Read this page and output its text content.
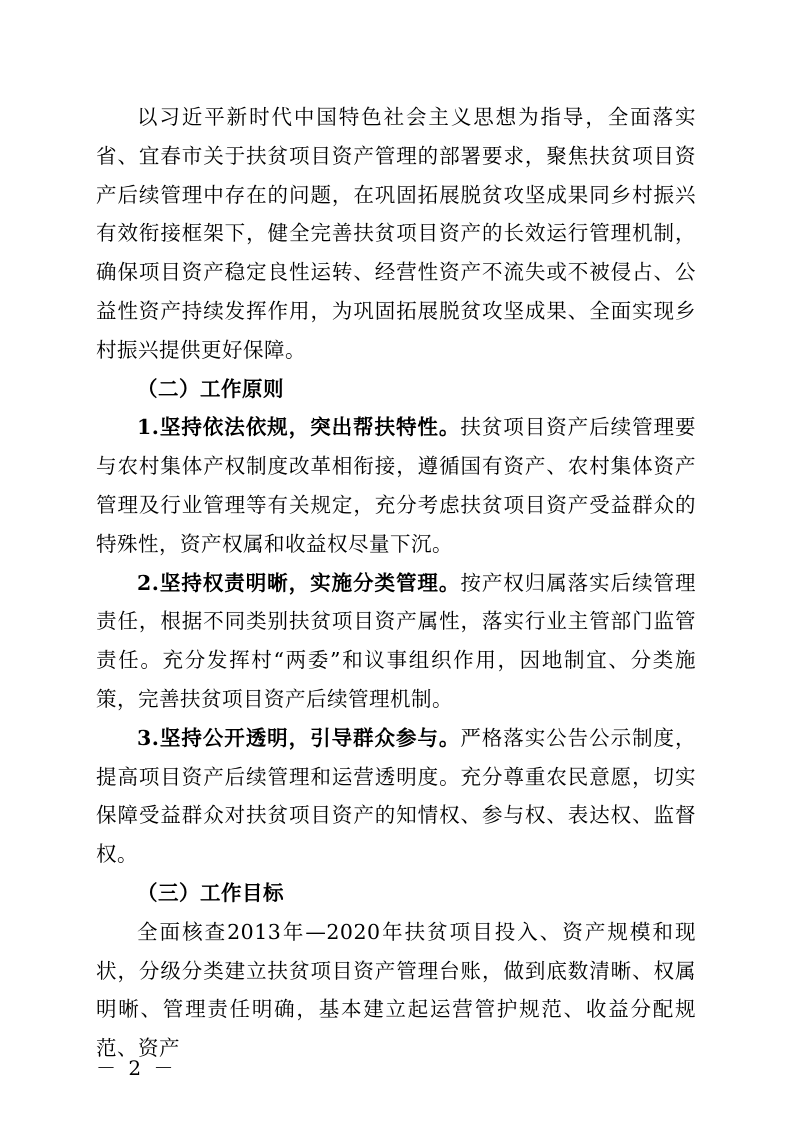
以习近平新时代中国特色社会主义思想为指导，全面落实省、宜春市关于扶贫项目资产管理的部署要求，聚焦扶贫项目资产后续管理中存在的问题，在巩固拓展脱贫攻坚成果同乡村振兴有效衔接框架下，健全完善扶贫项目资产的长效运行管理机制，确保项目资产稳定良性运转、经营性资产不流失或不被侵占、公益性资产持续发挥作用，为巩固拓展脱贫攻坚成果、全面实现乡村振兴提供更好保障。

（二）工作原则

1.坚持依法依规，突出帮扶特性。扶贫项目资产后续管理要与农村集体产权制度改革相衔接，遵循国有资产、农村集体资产管理及行业管理等有关规定，充分考虑扶贫项目资产受益群众的特殊性，资产权属和收益权尽量下沉。

2.坚持权责明晰，实施分类管理。按产权归属落实后续管理责任，根据不同类别扶贫项目资产属性，落实行业主管部门监管责任。充分发挥村“两委”和议事组织作用，因地制宜、分类施策，完善扶贫项目资产后续管理机制。

3.坚持公开透明，引导群众参与。严格落实公告公示制度，提高项目资产后续管理和运营透明度。充分尊重农民意愿，切实保障受益群众对扶贫项目资产的知情权、参与权、表达权、监督权。

（三）工作目标

全面核查2013年—2020年扶贫项目投入、资产规模和现状，分级分类建立扶贫项目资产管理台账，做到底数清晰、权属明晰、管理责任明确，基本建立起运营管护规范、收益分配规范、资产

－ 2 －
